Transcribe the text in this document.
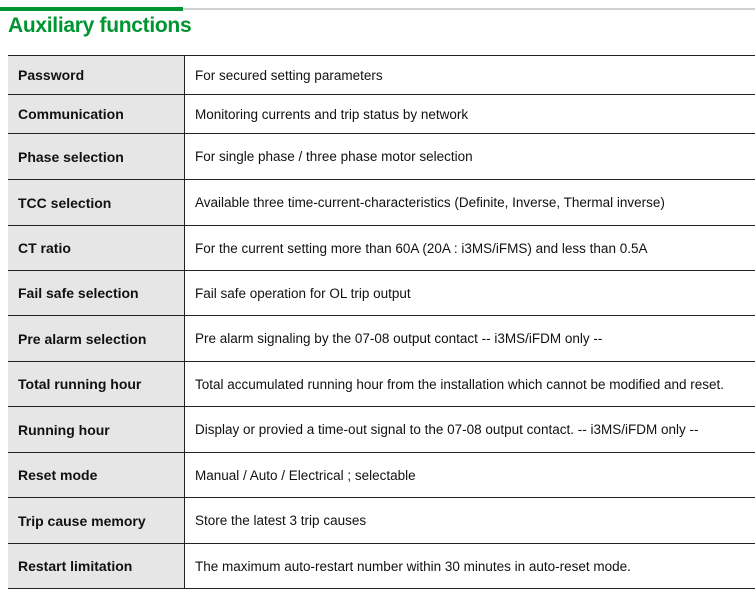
Auxiliary functions
Password	For secured setting parameters
Communication	Monitoring currents and trip status by network
Phase selection	For single phase / three phase motor selection
TCC selection	Available three time-current-characteristics (Definite, Inverse, Thermal inverse)
CT ratio	For the current setting more than 60A (20A : i3MS/iFMS) and less than 0.5A
Fail safe selection	Fail safe operation for OL trip output
Pre alarm selection	Pre alarm signaling by the 07-08 output contact -- i3MS/iFDM only --
Total running hour	Total accumulated running hour from the installation which cannot be modified and reset.
Running hour	Display or provied a time-out signal to the 07-08 output contact. -- i3MS/iFDM only --
Reset mode	Manual / Auto / Electrical ; selectable
Trip cause memory	Store the latest 3 trip causes
Restart limitation	The maximum auto-restart number within 30 minutes in auto-reset mode.
